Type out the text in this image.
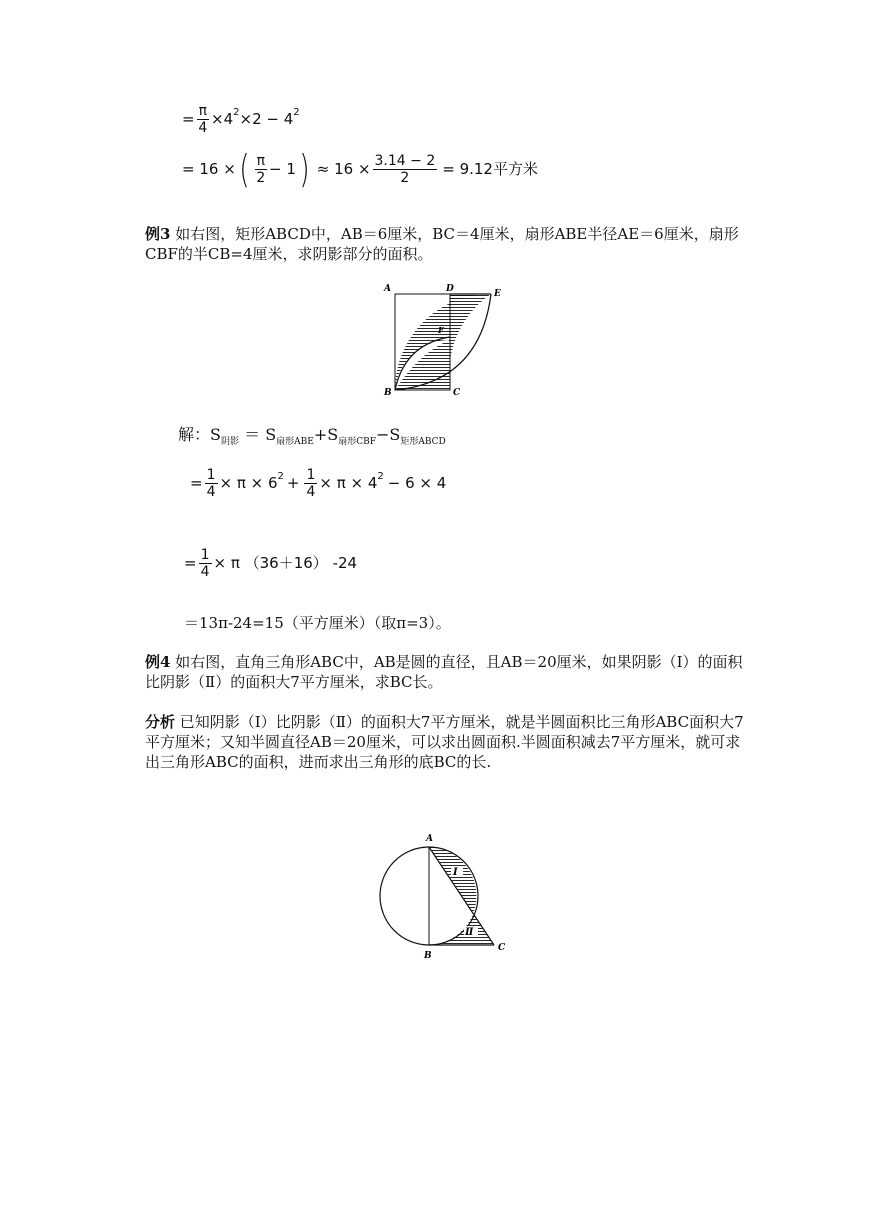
= $\frac{\pi}{4} \times 4$ 2 ×2 − 4 2
= 16 × ( $\frac{\pi}{2} - 1$ ) ≈ $16 \times \frac{3.14 - 2}{2} = 9.12$平方米
例3 如右图，矩形ABCD中，AB＝6厘米，BC＝4厘米，扇形ABE半径AE＝6厘米，扇形CBF的半CB=4厘米，求阴影部分的面积。
A	D	E
F
B	C
解：$S_{阴影} = S_{扇形ABE}+S_{扇形CBF}-S_{矩形ABCD}$
= $\frac{1}{4} \times \pi \times 6$ $2 + \frac{1}{4} \times \pi \times 4$ 2 − 6 × 4
= $\frac{1}{4} \times \pi$ （36＋16） -24
＝13π-24=15（平方厘米）（取π=3）。
例4 如右图，直角三角形ABC中，AB是圆的直径，且AB＝20厘米，如果阴影（Ⅰ）的面积比阴影（Ⅱ）的面积大7平方厘米，求BC长。
分析 已知阴影（Ⅰ）比阴影（Ⅱ）的面积大7平方厘米，就是半圆面积比三角形ABC面积大7平方厘米；又知半圆直径AB＝20厘米，可以求出圆面积.半圆面积减去7平方厘米，就可求出三角形ABC的面积，进而求出三角形的底BC的长.
A
B
C
Ⅰ
Ⅱ
